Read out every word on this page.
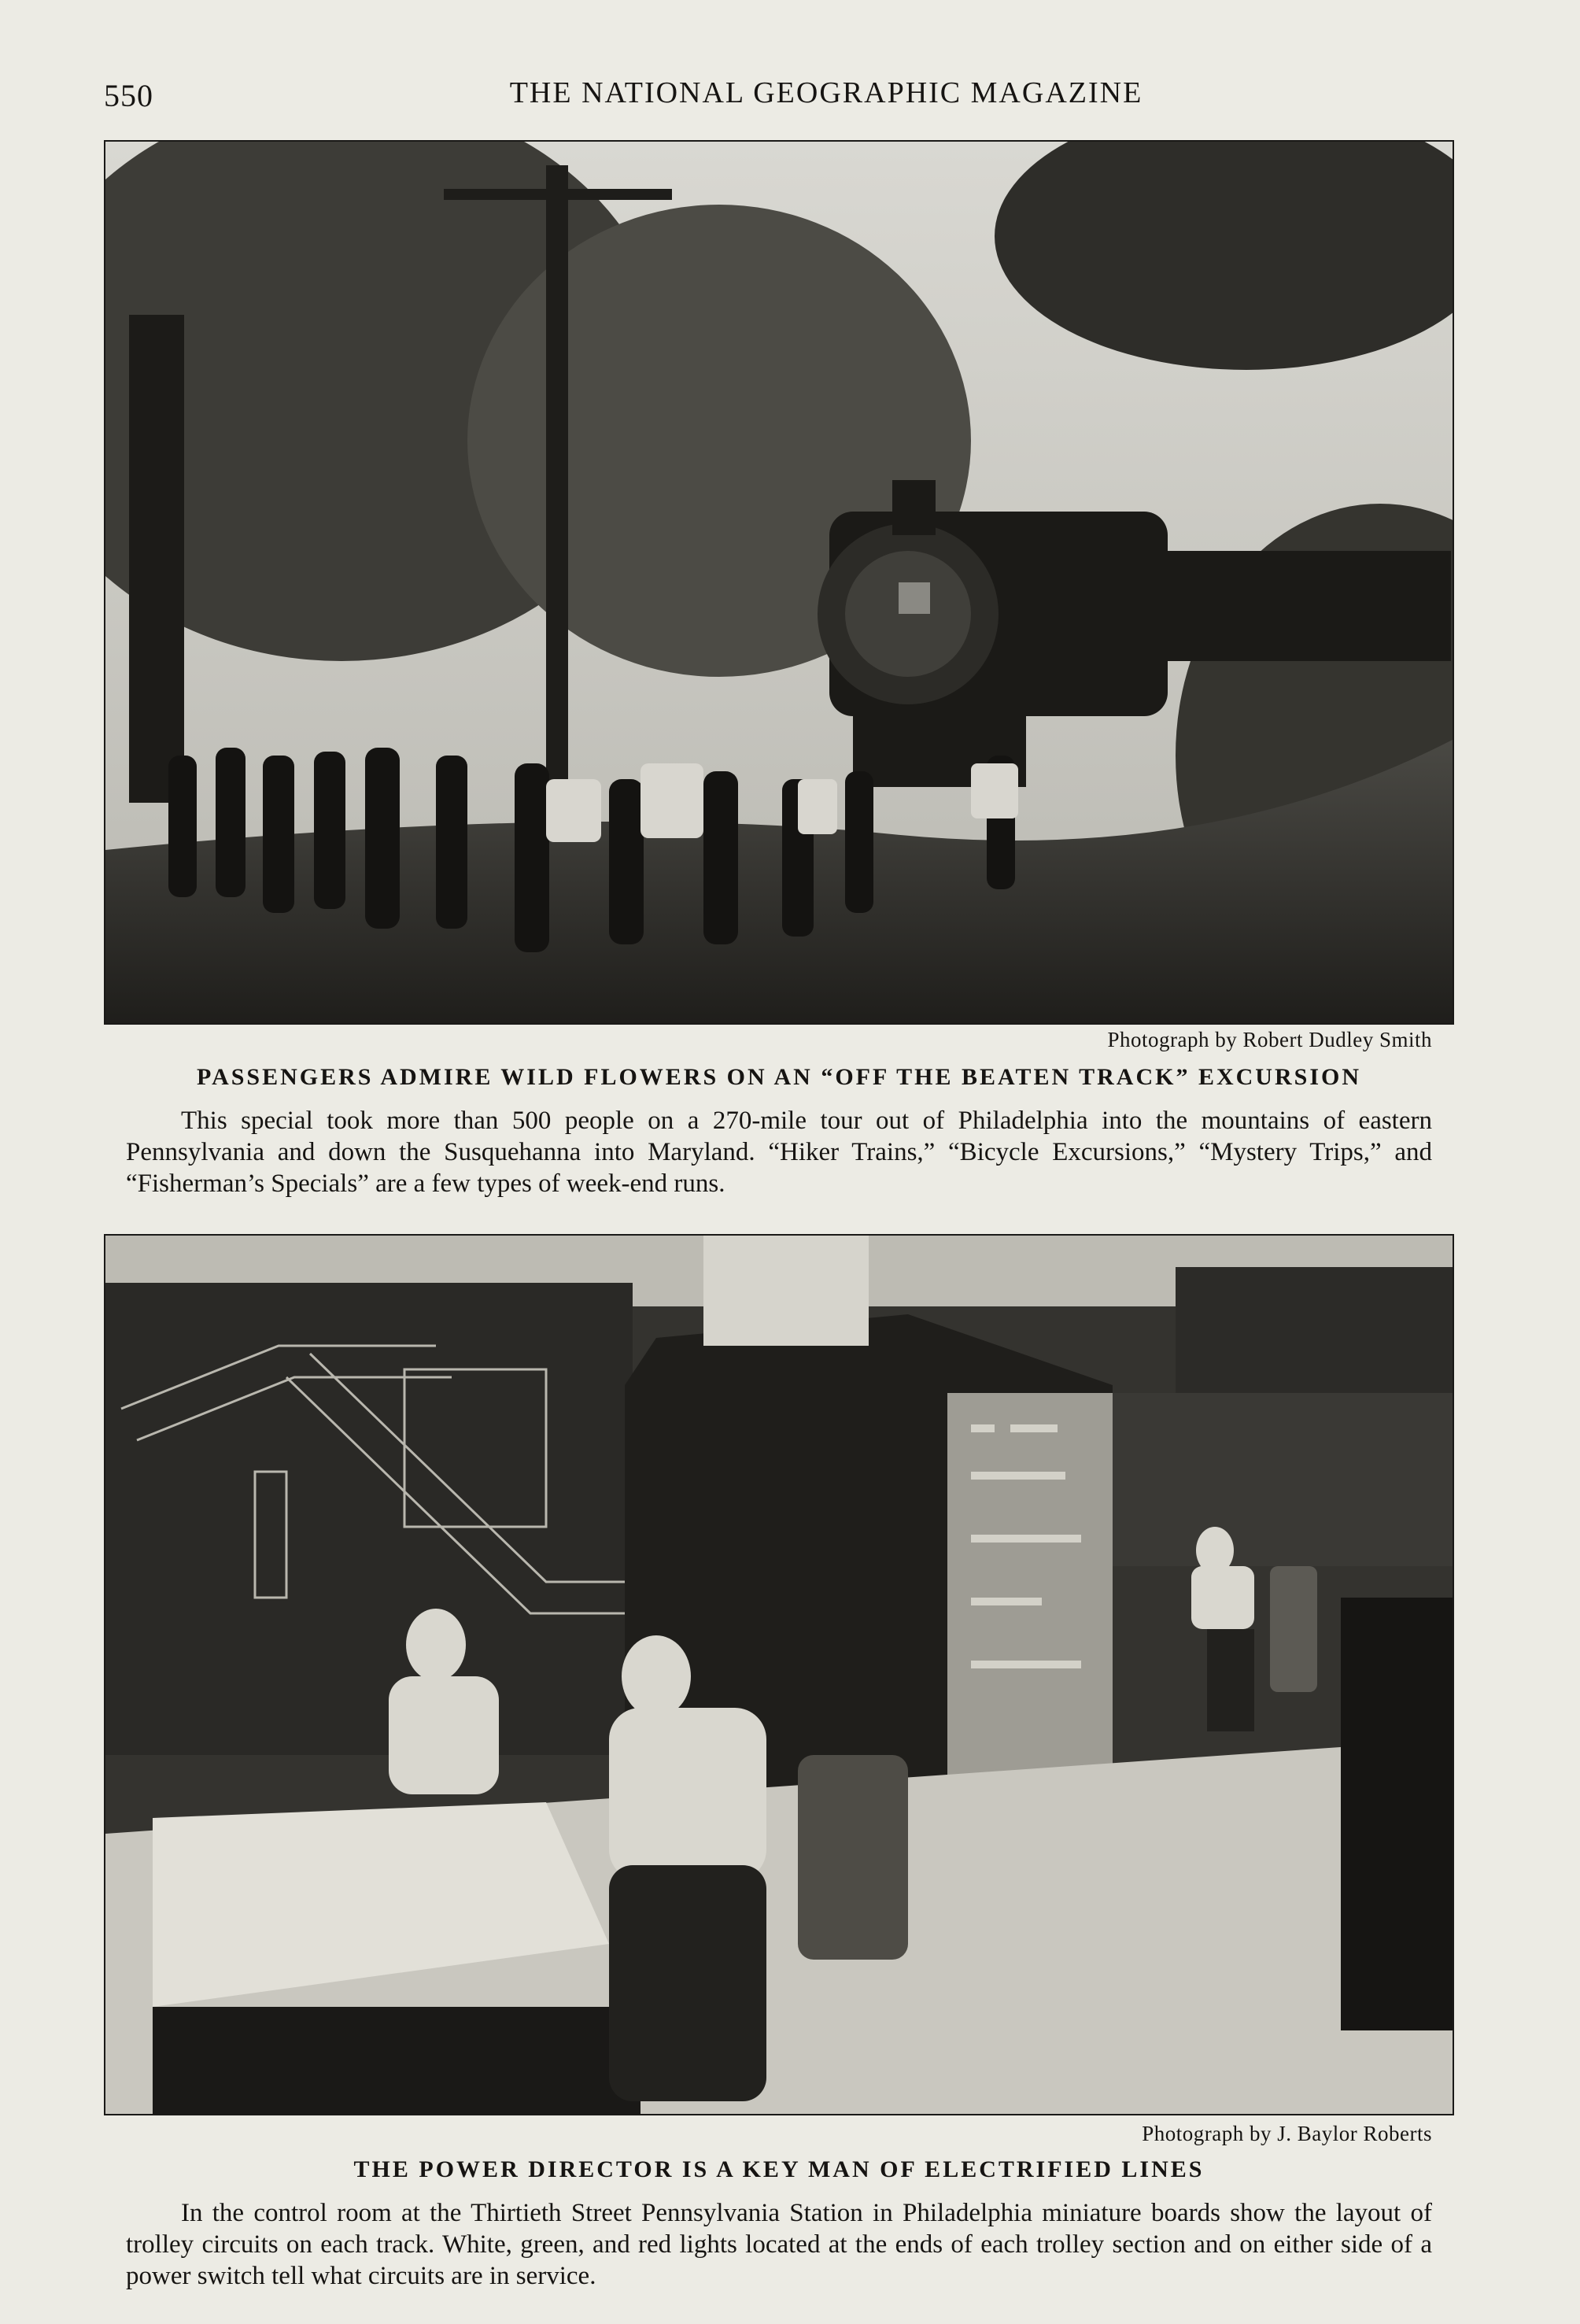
550	THE NATIONAL GEOGRAPHIC MAGAZINE
Photograph by Robert Dudley Smith
PASSENGERS ADMIRE WILD FLOWERS ON AN “OFF THE BEATEN TRACK” EXCURSION
This special took more than 500 people on a 270-mile tour out of Philadelphia into the mountains of eastern Pennsylvania and down the Susquehanna into Maryland. “Hiker Trains,” “Bicycle Excursions,” “Mystery Trips,” and “Fisherman’s Specials” are a few types of week-end runs.
Photograph by J. Baylor Roberts
THE POWER DIRECTOR IS A KEY MAN OF ELECTRIFIED LINES
In the control room at the Thirtieth Street Pennsylvania Station in Philadelphia miniature boards show the layout of trolley circuits on each track. White, green, and red lights located at the ends of each trolley section and on either side of a power switch tell what circuits are in service.
